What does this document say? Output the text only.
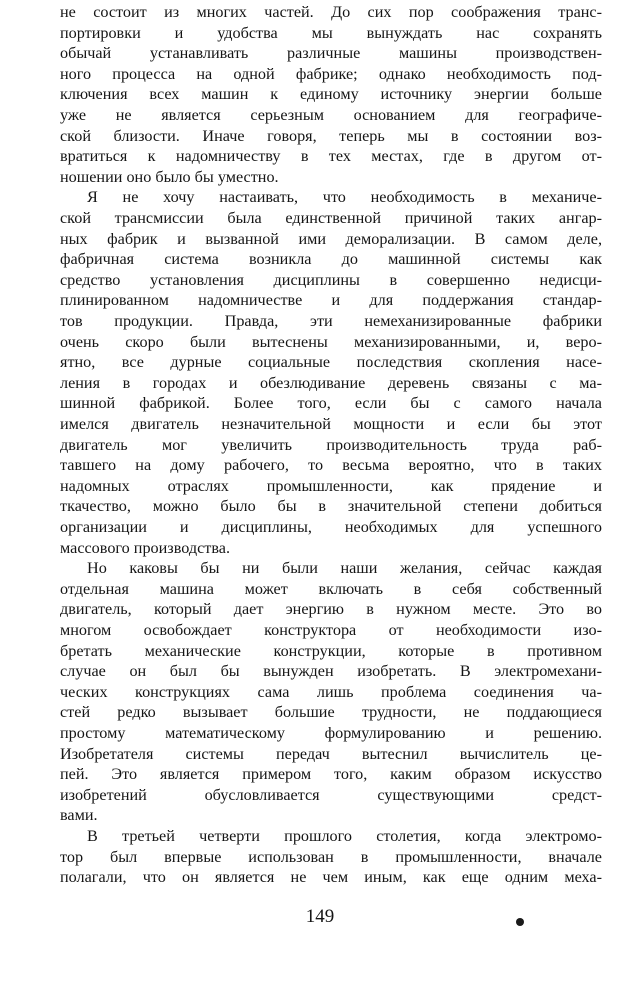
не состоит из многих частей. До сих пор соображения транс-
портировки и удобства мы вынуждать нас сохранять
обычай устанавливать различные машины производствен-
ного процесса на одной фабрике; однако необходимость под-
ключения всех машин к единому источнику энергии больше
уже не является серьезным основанием для географиче-
ской близости. Иначе говоря, теперь мы в состоянии воз-
вратиться к надомничеству в тех местах, где в другом от-
ношении оно было бы уместно.
Я не хочу настаивать, что необходимость в механиче-
ской трансмиссии была единственной причиной таких ангар-
ных фабрик и вызванной ими деморализации. В самом деле,
фабричная система возникла до машинной системы как
средство установления дисциплины в совершенно недисци-
плинированном надомничестве и для поддержания стандар-
тов продукции. Правда, эти немеханизированные фабрики
очень скоро были вытеснены механизированными, и, веро-
ятно, все дурные социальные последствия скопления насе-
ления в городах и обезлюдивание деревень связаны с ма-
шинной фабрикой. Более того, если бы с самого начала
имелся двигатель незначительной мощности и если бы этот
двигатель мог увеличить производительность труда раб-
тавшего на дому рабочего, то весьма вероятно, что в таких
надомных отраслях промышленности, как прядение и
ткачество, можно было бы в значительной степени добиться
организации и дисциплины, необходимых для успешного
массового производства.
Но каковы бы ни были наши желания, сейчас каждая
отдельная машина может включать в себя собственный
двигатель, который дает энергию в нужном месте. Это во
многом освобождает конструктора от необходимости изо-
бретать механические конструкции, которые в противном
случае он был бы вынужден изобретать. В электромехани-
ческих конструкциях сама лишь проблема соединения ча-
стей редко вызывает большие трудности, не поддающиеся
простому математическому формулированию и решению.
Изобретателя системы передач вытеснил вычислитель це-
пей. Это является примером того, каким образом искусство
изобретений обусловливается существующими средст-
вами.
В третьей четверти прошлого столетия, когда электромо-
тор был впервые использован в промышленности, вначале
полагали, что он является не чем иным, как еще одним меха-
149
